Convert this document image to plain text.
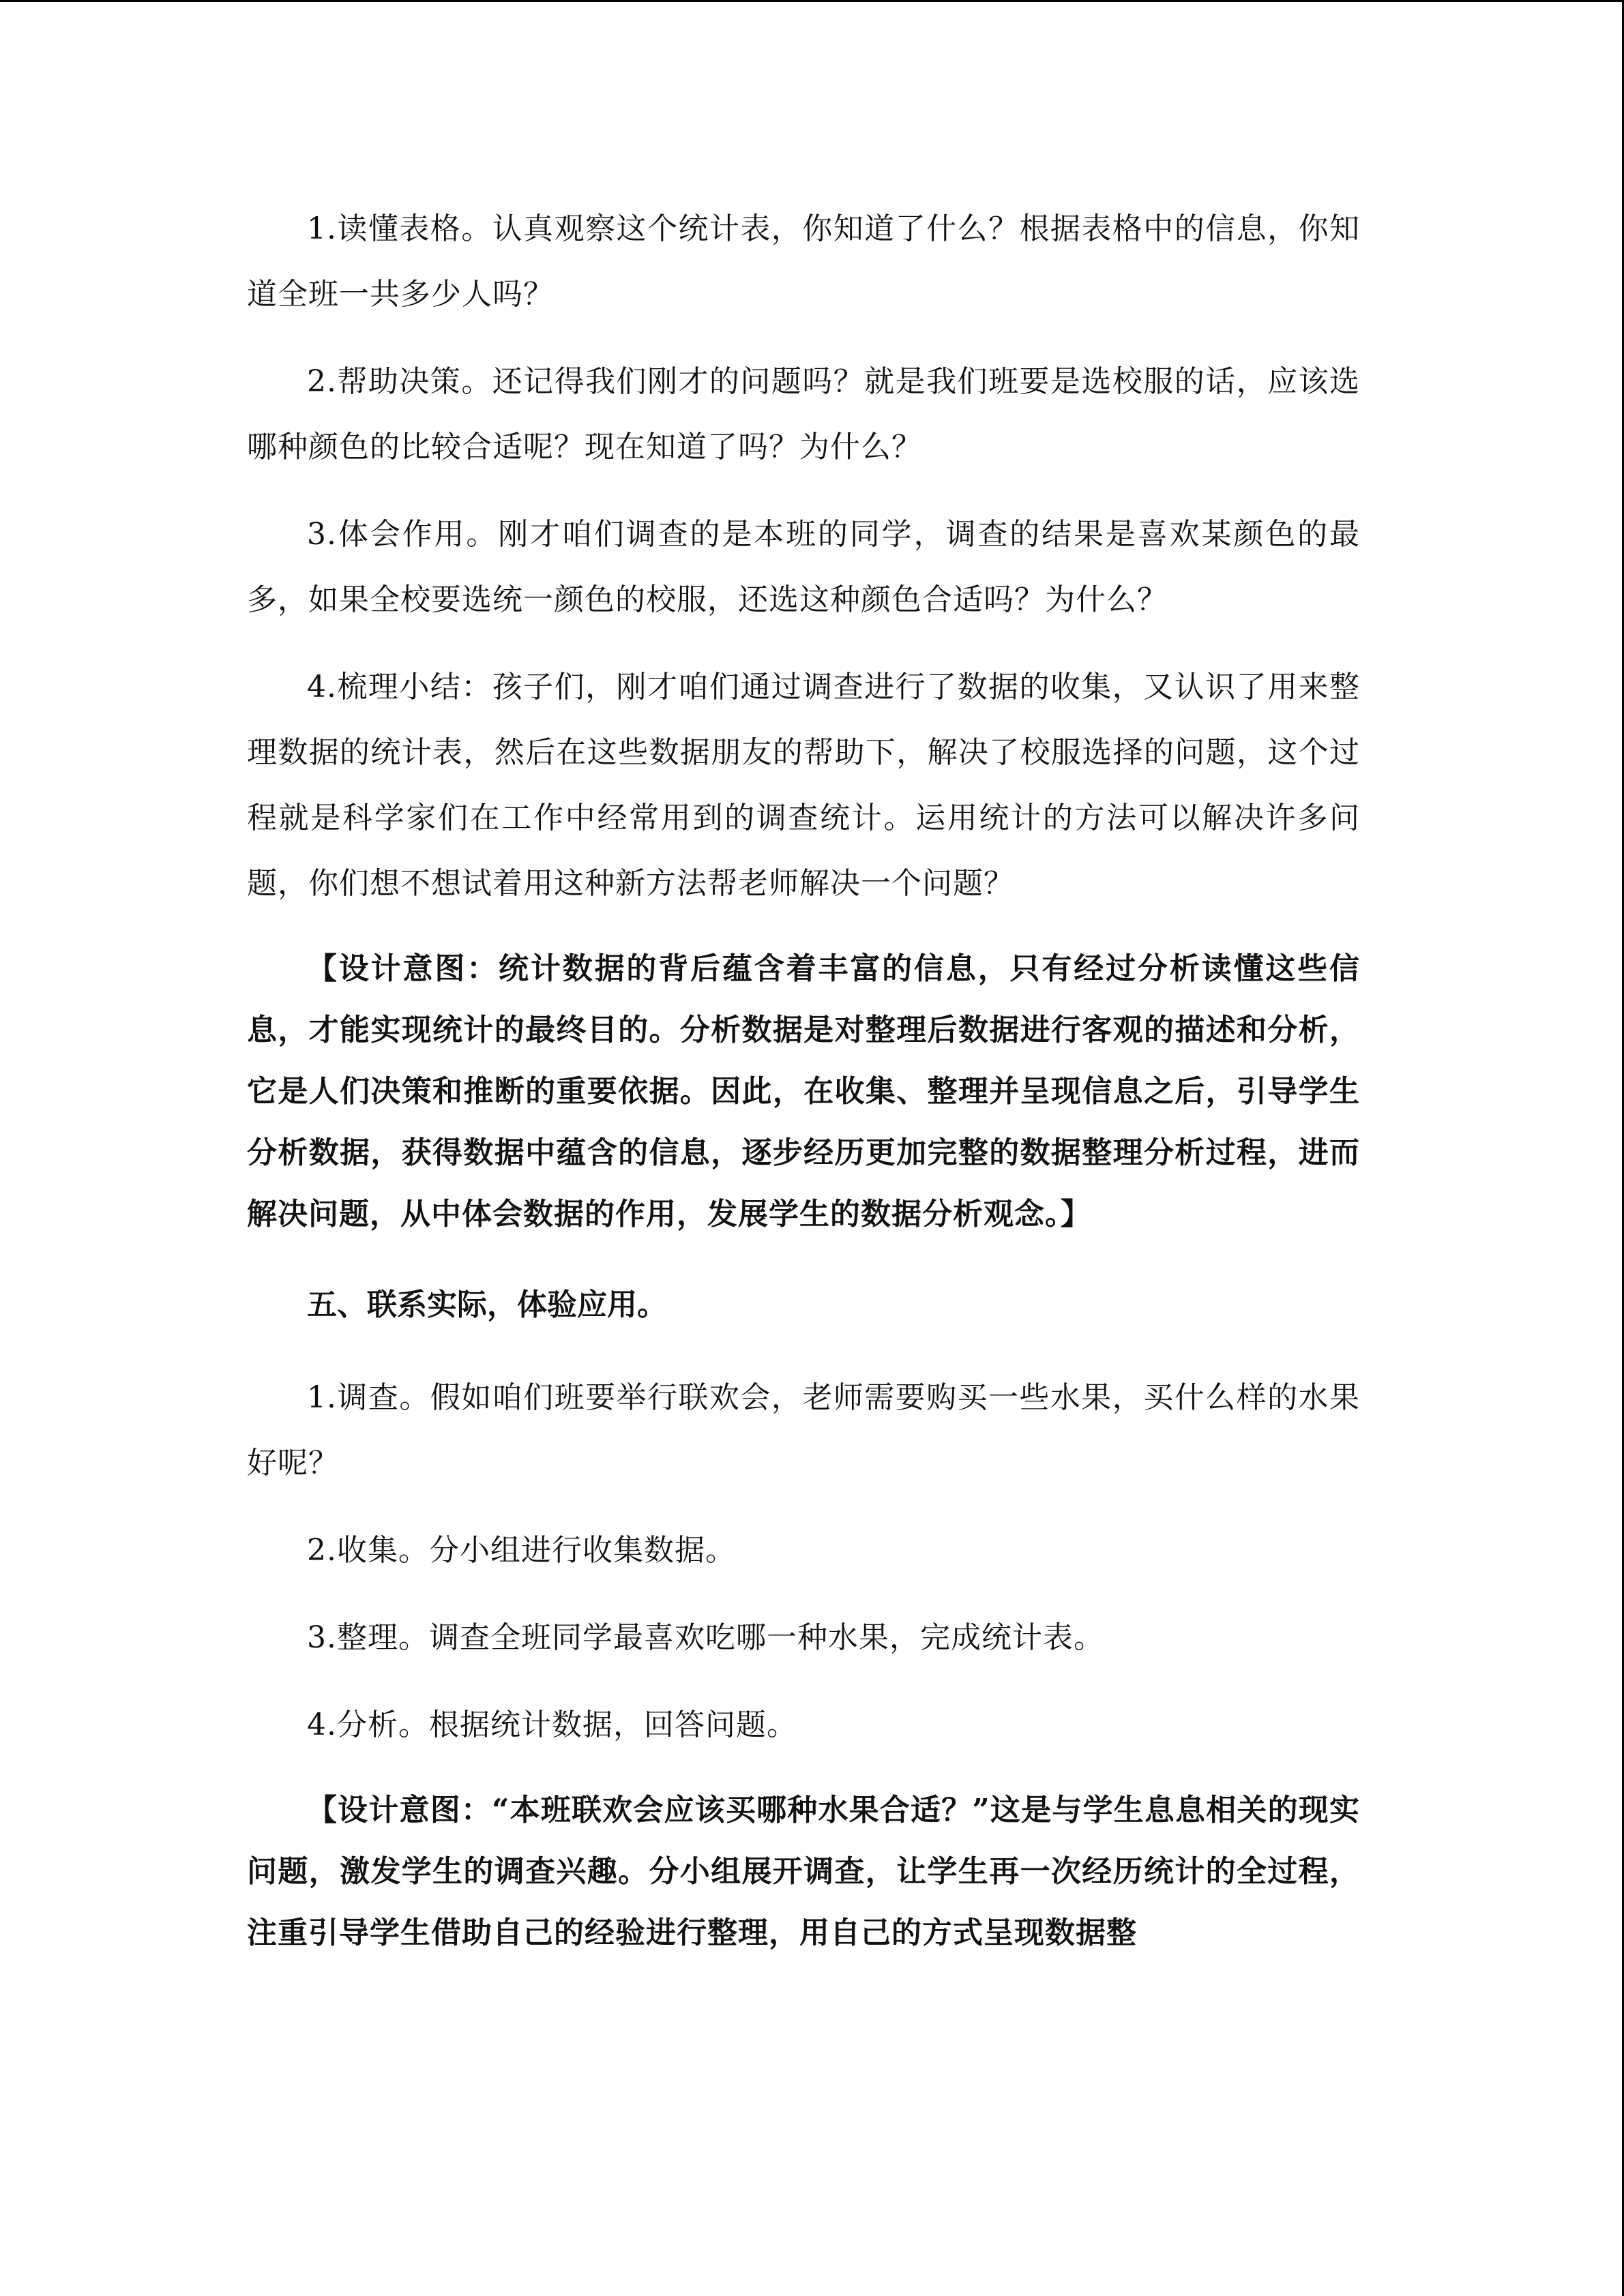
1.读懂表格。认真观察这个统计表，你知道了什么？根据表格中的信息，你知道全班一共多少人吗？

2.帮助决策。还记得我们刚才的问题吗？就是我们班要是选校服的话，应该选哪种颜色的比较合适呢？现在知道了吗？为什么？

3.体会作用。刚才咱们调查的是本班的同学，调查的结果是喜欢某颜色的最多，如果全校要选统一颜色的校服，还选这种颜色合适吗？为什么？

4.梳理小结：孩子们，刚才咱们通过调查进行了数据的收集，又认识了用来整理数据的统计表，然后在这些数据朋友的帮助下，解决了校服选择的问题，这个过程就是科学家们在工作中经常用到的调查统计。运用统计的方法可以解决许多问题，你们想不想试着用这种新方法帮老师解决一个问题？

【设计意图：统计数据的背后蕴含着丰富的信息，只有经过分析读懂这些信息，才能实现统计的最终目的。分析数据是对整理后数据进行客观的描述和分析，它是人们决策和推断的重要依据。因此，在收集、整理并呈现信息之后，引导学生分析数据，获得数据中蕴含的信息，逐步经历更加完整的数据整理分析过程，进而解决问题，从中体会数据的作用，发展学生的数据分析观念。】

五、联系实际，体验应用。

1.调查。假如咱们班要举行联欢会，老师需要购买一些水果，买什么样的水果好呢？

2.收集。分小组进行收集数据。

3.整理。调查全班同学最喜欢吃哪一种水果，完成统计表。

4.分析。根据统计数据，回答问题。

【设计意图：“本班联欢会应该买哪种水果合适？”这是与学生息息相关的现实问题，激发学生的调查兴趣。分小组展开调查，让学生再一次经历统计的全过程，注重引导学生借助自己的经验进行整理，用自己的方式呈现数据整
